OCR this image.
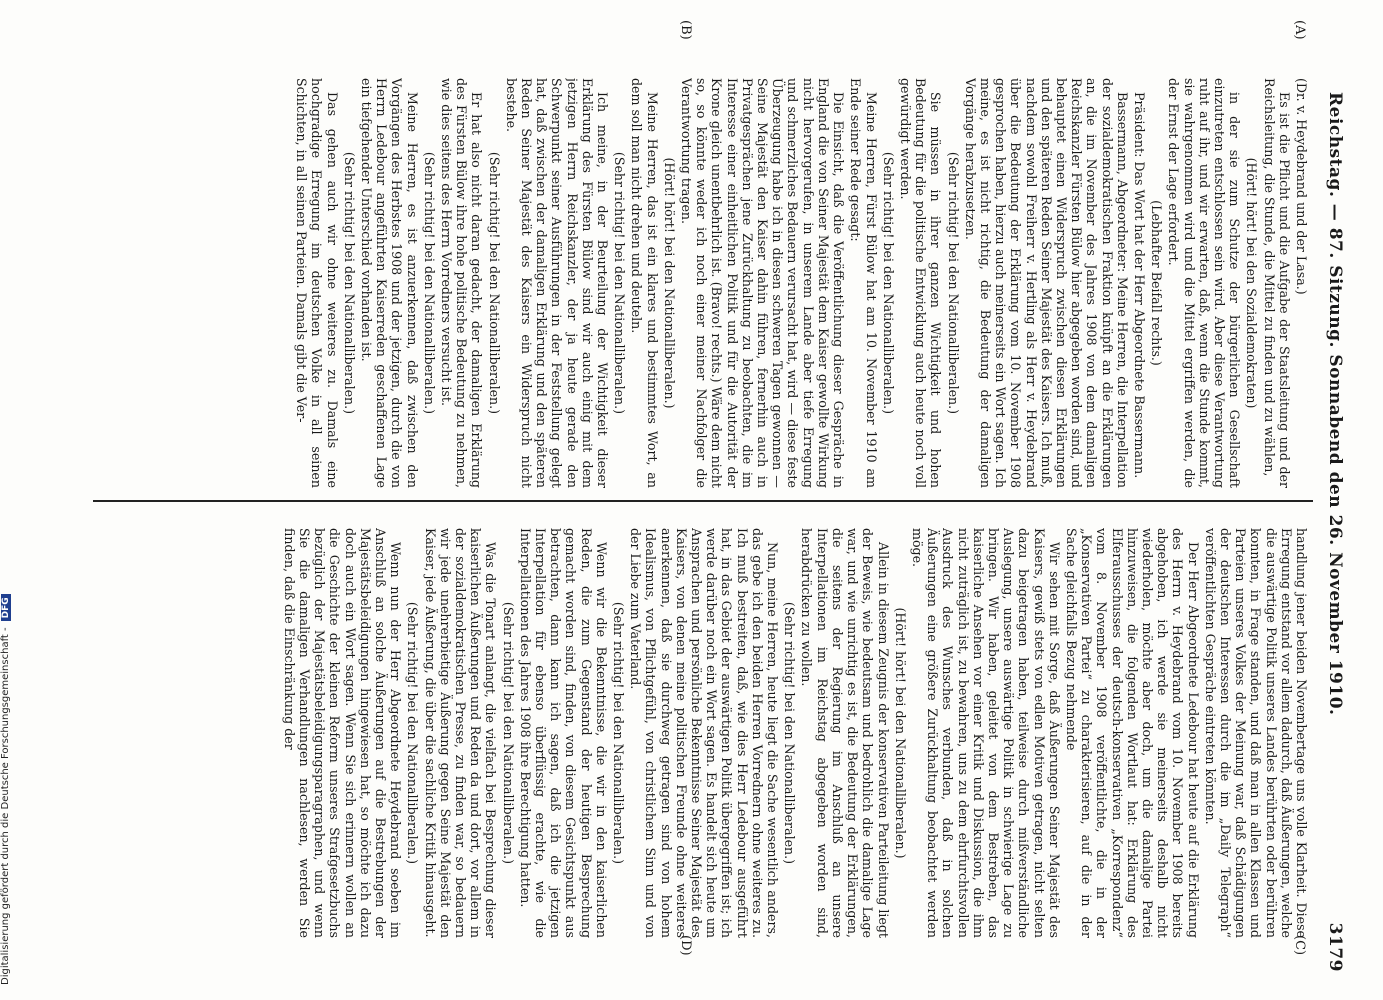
Reichstag. — 87. Sitzung. Sonnabend den 26. November 1910.
3179
(A)
(B)
(C)
(D)

(Dr. v. Heydebrand und der Lasa.)

Es ist die Pflicht und die Aufgabe der Staatsleitung und der Reichsleitung, die Stunde, die Mittel zu finden und zu wählen,

(Hört! hört! bei den Sozialdemokraten)

in der sie zum Schutze der bürgerlichen Gesellschaft einzutreten entschlossen sein wird. Aber diese Verantwortung ruht auf ihr, und wir erwarten, daß, wenn die Stunde kommt, sie wahrgenommen wird und die Mittel ergriffen werden, die der Ernst der Lage erfordert.

(Lebhafter Beifall rechts.)

Präsident: Das Wort hat der Herr Abgeordnete Bassermann.

Bassermann, Abgeordneter: Meine Herren, die Interpellation der sozialdemokratischen Fraktion knüpft an die Erklärungen an, die im November des Jahres 1908 von dem damaligen Reichskanzler Fürsten Bülow hier abgegeben worden sind, und behauptet einen Widerspruch zwischen diesen Erklärungen und den späteren Reden Seiner Majestät des Kaisers. Ich muß, nachdem sowohl Freiherr v. Hertling als Herr v. Heydebrand über die Bedeutung der Erklärung vom 10. November 1908 gesprochen haben, hierzu auch meinerseits ein Wort sagen. Ich meine, es ist nicht richtig, die Bedeutung der damaligen Vorgänge herabzusetzen.

(Sehr richtig! bei den Nationalliberalen.)

Sie müssen in ihrer ganzen Wichtigkeit und hohen Bedeutung für die politische Entwicklung auch heute noch voll gewürdigt werden.

(Sehr richtig! bei den Nationalliberalen.)

Meine Herren, Fürst Bülow hat am 10. November 1910 am Ende seiner Rede gesagt:

Die Einsicht, daß die Veröffentlichung dieser Gespräche in England die von Seiner Majestät dem Kaiser gewollte Wirkung nicht hervorgerufen, in unserem Lande aber tiefe Erregung und schmerzliches Bedauern verursacht hat, wird — diese feste Überzeugung habe ich in diesen schweren Tagen gewonnen — Seine Majestät den Kaiser dahin führen, fernerhin auch in Privatgesprächen jene Zurückhaltung zu beobachten, die im Interesse einer einheitlichen Politik und für die Autorität der Krone gleich unentbehrlich ist. (Bravo! rechts.) Wäre dem nicht so, so könnte weder ich noch einer meiner Nachfolger die Verantwortung tragen.

(Hört! hört! bei den Nationalliberalen.)

Meine Herren, das ist ein klares und bestimmtes Wort, an dem soll man nicht drehen und deuteln.

(Sehr richtig! bei den Nationalliberalen.)

Ich meine, in der Beurteilung der Wichtigkeit dieser Erklärung des Fürsten Bülow sind wir auch einig mit dem jetzigen Herrn Reichskanzler, der ja heute gerade den Schwerpunkt seiner Ausführungen in der Feststellung gelegt hat, daß zwischen der damaligen Erklärung und den späteren Reden Seiner Majestät des Kaisers ein Widerspruch nicht bestehe.

(Sehr richtig! bei den Nationalliberalen.)

Er hat also nicht daran gedacht, der damaligen Erklärung des Fürsten Bülow ihre hohe politische Bedeutung zu nehmen, wie dies seitens des Herrn Vorredners versucht ist.

(Sehr richtig! bei den Nationalliberalen.)

Meine Herren, es ist anzuerkennen, daß zwischen den Vorgängen des Herbstes 1908 und der jetzigen, durch die von Herrn Ledebour angeführten Kaiserreden geschaffenen Lage ein tiefgehender Unterschied vorhanden ist.

(Sehr richtig! bei den Nationalliberalen.)

Das gehen auch wir ohne weiteres zu. Damals eine hochgradige Erregung im deutschen Volke in all seinen Schichten, in all seinen Parteien. Damals gibt die Ver-

handlung jener beiden Novembertage uns volle Klarheit. Diese Erregung entstand vor allem dadurch, daß Äußerungen, welche die auswärtige Politik unseres Landes berührten oder berühren konnten, in Frage standen, und daß man in allen Klassen und Parteien unseres Volkes der Meinung war, daß Schädigungen der deutschen Interessen durch die im „Daily Telegraph“ veröffentlichten Gespräche eintreten könnten.

Der Herr Abgeordnete Ledebour hat heute auf die Erklärung des Herrn v. Heydebrand vom 10. November 1908 bereits abgehoben, ich werde sie meinerseits deshalb nicht wiederholen, möchte aber doch, um die damalige Partei hinzuweisen, die folgenden Wortlaut hat: Erklärung des Elferausschusses der deutsch-konservativen „Korrespondenz“ vom 8. November 1908 veröffentlichte, die in der „Konservativen Partei“ zu charakterisieren, auf die in der Sache gleichfalls Bezug nehmende

Wir sehen mit Sorge, daß Äußerungen Seiner Majestät des Kaisers, gewiß stets von edlen Motiven getragen, nicht selten dazu beigetragen haben, teilweise durch mißverständliche Auslegung, unsere auswärtige Politik in schwierige Lage zu bringen. Wir haben, geleitet von dem Bestreben, das kaiserliche Ansehen vor einer Kritik und Diskussion, die ihm nicht zuträglich ist, zu bewahren, uns zu dem ehrfurchtsvollen Ausdruck des Wunsches verbunden, daß in solchen Äußerungen eine größere Zurückhaltung beobachtet werden möge.

(Hört! hört! bei den Nationalliberalen.)

Allein in diesem Zeugnis der konservativen Parteileitung liegt der Beweis, wie bedeutsam und bedrohlich die damalige Lage war, und wie unrichtig es ist, die Bedeutung der Erklärungen, die seitens der Regierung im Anschluß an unsere Interpellationen im Reichstag abgegeben worden sind, herabdrücken zu wollen.

(Sehr richtig! bei den Nationalliberalen.)

Nun, meine Herren, heute liegt die Sache wesentlich anders, das gebe ich den beiden Herren Vorrednern ohne weiteres zu. Ich muß bestreiten, daß, wie dies Herr Ledebour ausgeführt hat, in das Gebiet der auswärtigen Politik übergegriffen ist; ich werde darüber noch ein Wort sagen. Es handelt sich heute um Ansprachen und persönliche Bekenntnisse Seiner Majestät des Kaisers, von denen meine politischen Freunde ohne weiteres anerkennen, daß sie durchweg getragen sind von hohem Idealismus, von Pflichtgefühl, von christlichem Sinn und von der Liebe zum Vaterland.

(Sehr richtig! bei den Nationalliberalen.)

Wenn wir die Bekenntnisse, die wir in den kaiserlichen Reden, die zum Gegenstand der heutigen Besprechung gemacht worden sind, finden, von diesem Gesichtspunkt aus betrachten, dann kann ich sagen, daß ich die jetzigen Interpellation für ebenso überflüssig erachte, wie die Interpellationen des Jahres 1908 ihre Berechtigung hatten.

(Sehr richtig! bei den Nationalliberalen.)

Was die Tonart anlangt, die vielfach bei Besprechung dieser kaiserlichen Äußerungen und Reden da und dort, vor allem in der sozialdemokratischen Presse, zu finden war, so bedauern wir jede unehrerbietige Äußerung gegen Seine Majestät den Kaiser, jede Äußerung, die über die sachliche Kritik hinausgeht.

(Sehr richtig! bei den Nationalliberalen.)

Wenn nun der Herr Abgeordnete Heydebrand soeben im Anschluß an solche Äußerungen auf die Bestrebungen der Majestätsbeleidigungen hingewiesen hat, so möchte ich dazu doch auch ein Wort sagen. Wenn Sie sich erinnern wollen an die Geschichte der kleinen Reform unseres Strafgesetzbuchs bezüglich der Majestätsbeleidigungsparagraphen, und wenn Sie die damaligen Verhandlungen nachlesen, werden Sie finden, daß die Einschränkung der

Digitalisierung gefördert durch die Deutsche Forschungsgemeinschaft -DFG
